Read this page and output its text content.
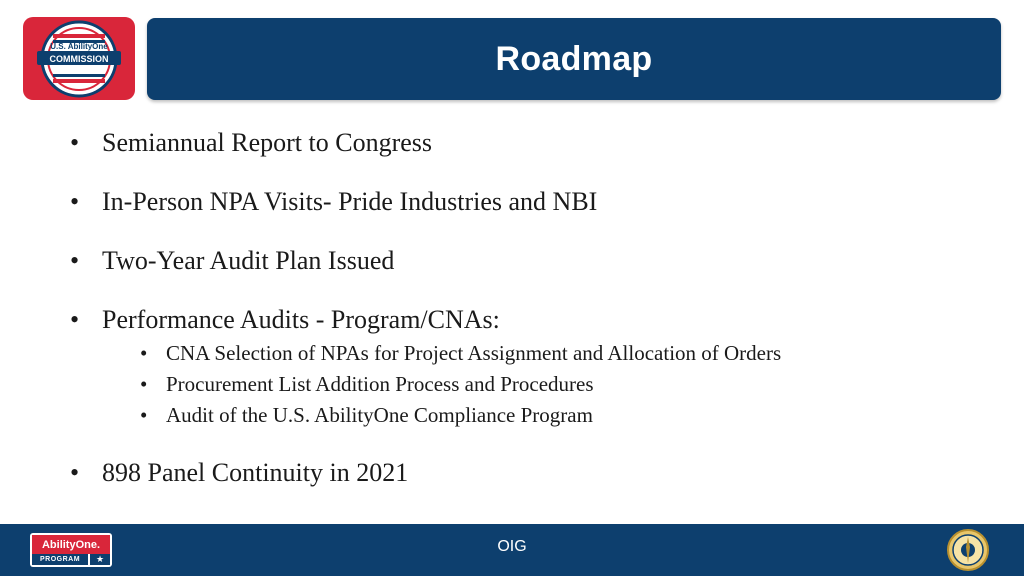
U.S. AbilityOne
COMMISSION	Roadmap
• Semiannual Report to Congress
• In-Person NPA Visits- Pride Industries and NBI
• Two-Year Audit Plan Issued
• Performance Audits - Program/CNAs:
• CNA Selection of NPAs for Project Assignment and Allocation of Orders
• Procurement List Addition Process and Procedures
• Audit of the U.S. AbilityOne Compliance Program
• 898 Panel Continuity in 2021
AbilityOne.
PROGRAM	★
OIG
